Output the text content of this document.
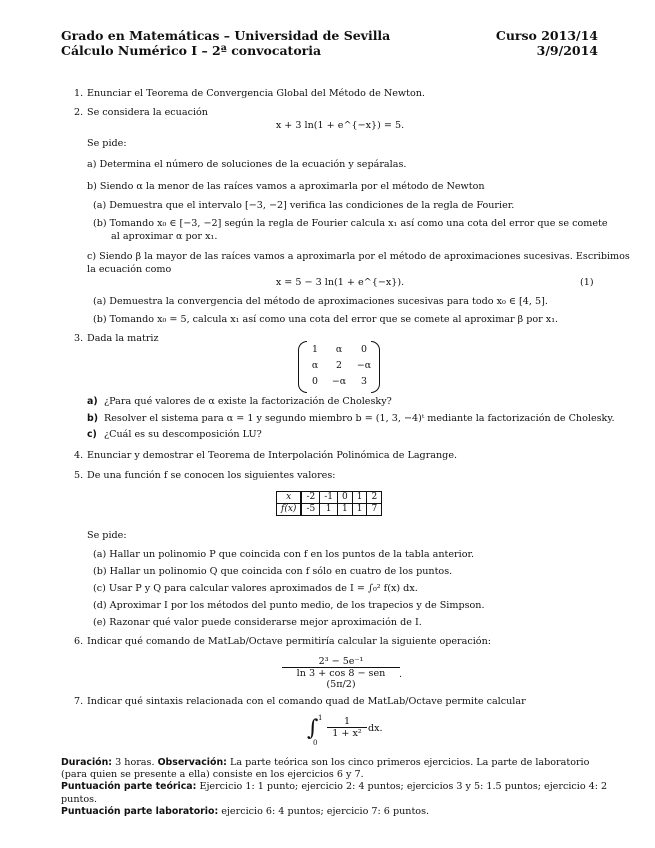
Grado en Matemáticas – Universidad de Sevilla
Cálculo Numérico I – 2ª convocatoria
Curso 2013/14
3/9/2014
1. Enunciar el Teorema de Convergencia Global del Método de Newton.
2. Se considera la ecuación
x + 3 ln(1 + e^{−x}) = 5.
Se pide:
a) Determina el número de soluciones de la ecuación y sepáralas.
b) Siendo α la menor de las raíces vamos a aproximarla por el método de Newton
(a) Demuestra que el intervalo [−3, −2] verifica las condiciones de la regla de Fourier.
(b) Tomando x₀ ∈ [−3, −2] según la regla de Fourier calcula x₁ así como una cota del error que se comete
al aproximar α por x₁.
c) Siendo β la mayor de las raíces vamos a aproximarla por el método de aproximaciones sucesivas. Escribimos
la ecuación como
x = 5 − 3 ln(1 + e^{−x}).	(1)
(a) Demuestra la convergencia del método de aproximaciones sucesivas para todo x₀ ∈ [4, 5].
(b) Tomando x₀ = 5, calcula x₁ así como una cota del error que se comete al aproximar β por x₁.
3. Dada la matriz
1	α	0
α	2	−α
0	−α	3
a) ¿Para qué valores de α existe la factorización de Cholesky?
b) Resolver el sistema para α = 1 y segundo miembro b = (1, 3, −4)ᵗ mediante la factorización de Cholesky.
c) ¿Cuál es su descomposición LU?
4. Enunciar y demostrar el Teorema de Interpolación Polinómica de Lagrange.
5. De una función f se conocen los siguientes valores:
x	-2	-1	0	1	2
f(x)	-5	1	1	1	7
Se pide:
(a) Hallar un polinomio P que coincida con f en los puntos de la tabla anterior.
(b) Hallar un polinomio Q que coincida con f sólo en cuatro de los puntos.
(c) Usar P y Q para calcular valores aproximados de I = ∫₀² f(x) dx.
(d) Aproximar I por los métodos del punto medio, de los trapecios y de Simpson.
(e) Razonar qué valor puede considerarse mejor aproximación de I.
6. Indicar qué comando de MatLab/Octave permitiría calcular la siguiente operación:
2³ − 5e⁻¹
ln 3 + cos 8 − sen (5π/2)
.
7. Indicar qué sintaxis relacionada con el comando quad de MatLab/Octave permite calcular
∫ 1
0
$\frac{1}{\text{1 + x²}}$ dx.
Duración: 3 horas. Observación: La parte teórica son los cinco primeros ejercicios. La parte de laboratorio
(para quien se presente a ella) consiste en los ejercicios 6 y 7.
Puntuación parte teórica: Ejercicio 1: 1 punto; ejercicio 2: 4 puntos; ejercicios 3 y 5: 1.5 puntos; ejercicio 4: 2
puntos.
Puntuación parte laboratorio: ejercicio 6: 4 puntos; ejercicio 7: 6 puntos.
